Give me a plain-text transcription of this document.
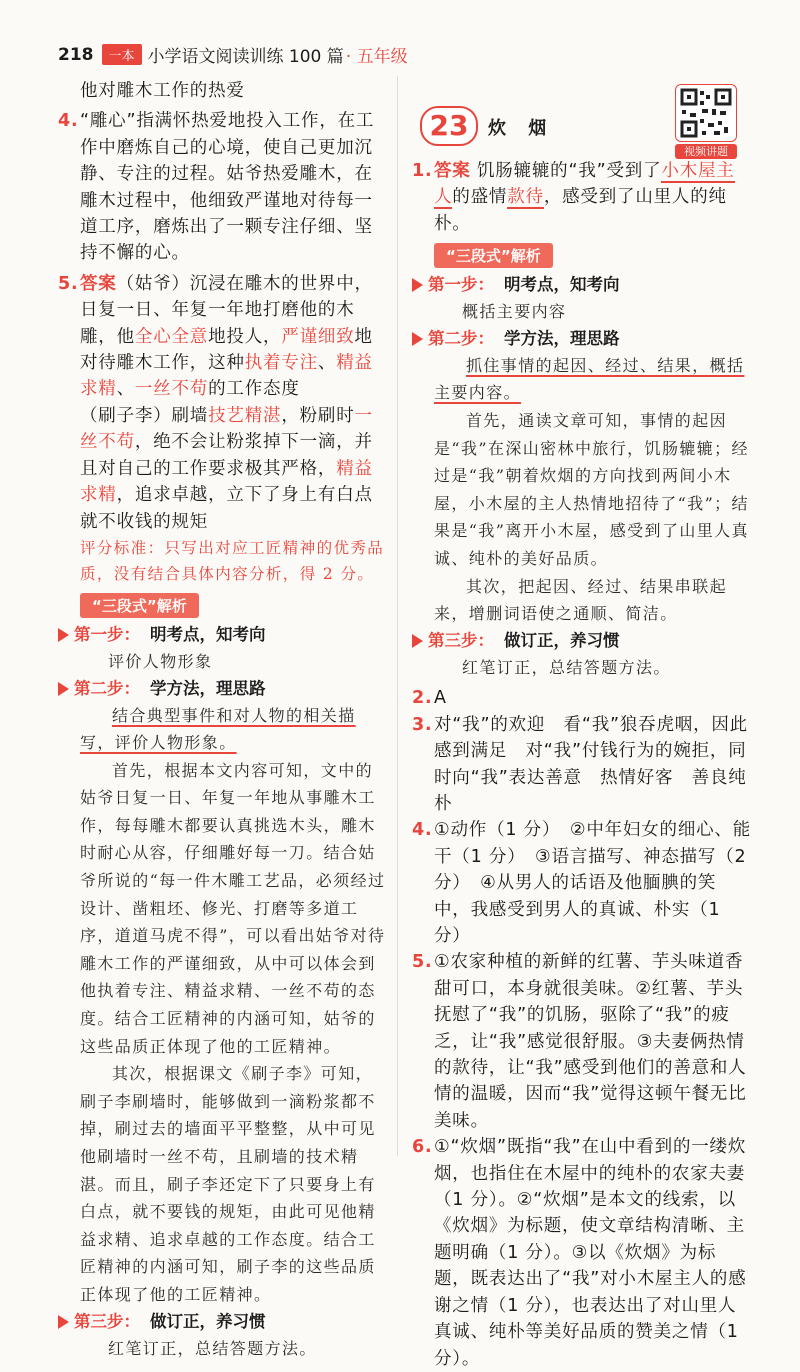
218	一本 小学语文阅读训练 100 篇 · 五年级

他对雕木工作的热爱

4. “雕心”指满怀热爱地投入工作，在工作中磨炼自己的心境，使自己更加沉静、专注的过程。姑爷热爱雕木，在雕木过程中，他细致严谨地对待每一道工序，磨炼出了一颗专注仔细、坚持不懈的心。

5. 答案（姑爷）沉浸在雕木的世界中，日复一日、年复一年地打磨他的木雕，他全心全意地投人，严谨细致地对待雕木工作，这种执着专注、精益求精、一丝不苟的工作态度
（刷子李）刷墙技艺精湛，粉刷时一丝不苟，绝不会让粉浆掉下一滴，并且对自己的工作要求极其严格，精益求精，追求卓越，立下了身上有白点就不收钱的规矩

评分标准：只写出对应工匠精神的优秀品质，没有结合具体内容分析，得 2 分。

“三段式”解析
第一步： 明考点，知考向

评价人物形象

第二步： 学方法，理思路

结合典型事件和对人物的相关描写，评价人物形象。

首先，根据本文内容可知，文中的姑爷日复一日、年复一年地从事雕木工作，每每雕木都要认真挑选木头，雕木时耐心从容，仔细雕好每一刀。结合姑爷所说的“每一件木雕工艺品，必须经过设计、凿粗坯、修光、打磨等多道工序，道道马虎不得”，可以看出姑爷对待雕木工作的严谨细致，从中可以体会到他执着专注、精益求精、一丝不苟的态度。结合工匠精神的内涵可知，姑爷的这些品质正体现了他的工匠精神。

其次，根据课文《刷子李》可知，刷子李刷墙时，能够做到一滴粉浆都不掉，刷过去的墙面平平整整，从中可见他刷墙时一丝不苟，且刷墙的技术精湛。而且，刷子李还定下了只要身上有白点，就不要钱的规矩，由此可见他精益求精、追求卓越的工作态度。结合工匠精神的内涵可知，刷子李的这些品质正体现了他的工匠精神。

第三步： 做订正，养习惯

红笔订正，总结答题方法。

23	炊 烟
视频讲题

1. 答案 饥肠辘辘的“我”受到了小木屋主人的盛情款待，感受到了山里人的纯朴。

“三段式”解析
第一步： 明考点，知考向

概括主要内容

第二步： 学方法，理思路

抓住事情的起因、经过、结果，概括主要内容。

首先，通读文章可知，事情的起因是“我”在深山密林中旅行，饥肠辘辘；经过是“我”朝着炊烟的方向找到两间小木屋，小木屋的主人热情地招待了“我”；结果是“我”离开小木屋，感受到了山里人真诚、纯朴的美好品质。

其次，把起因、经过、结果串联起来，增删词语使之通顺、简洁。

第三步： 做订正，养习惯

红笔订正，总结答题方法。

2. A

3. 对“我”的欢迎　看“我”狼吞虎咽，因此感到满足　对“我”付钱行为的婉拒，同时向“我”表达善意　热情好客　善良纯朴

4. ①动作（1 分）　②中年妇女的细心、能干（1 分）　③语言描写、神态描写（2 分）　④从男人的话语及他腼腆的笑中，我感受到男人的真诚、朴实（1 分）

5. ①农家种植的新鲜的红薯、芋头味道香甜可口，本身就很美味。②红薯、芋头抚慰了“我”的饥肠，驱除了“我”的疲乏，让“我”感觉很舒服。③夫妻俩热情的款待，让“我”感受到他们的善意和人情的温暖，因而“我”觉得这顿午餐无比美味。

6. ①“炊烟”既指“我”在山中看到的一缕炊烟，也指住在木屋中的纯朴的农家夫妻（1 分）。②“炊烟”是本文的线索，以《炊烟》为标题，使文章结构清晰、主题明确（1 分）。③以《炊烟》为标题，既表达出了“我”对小木屋主人的感谢之情（1 分），也表达出了对山里人真诚、纯朴等美好品质的赞美之情（1 分）。
